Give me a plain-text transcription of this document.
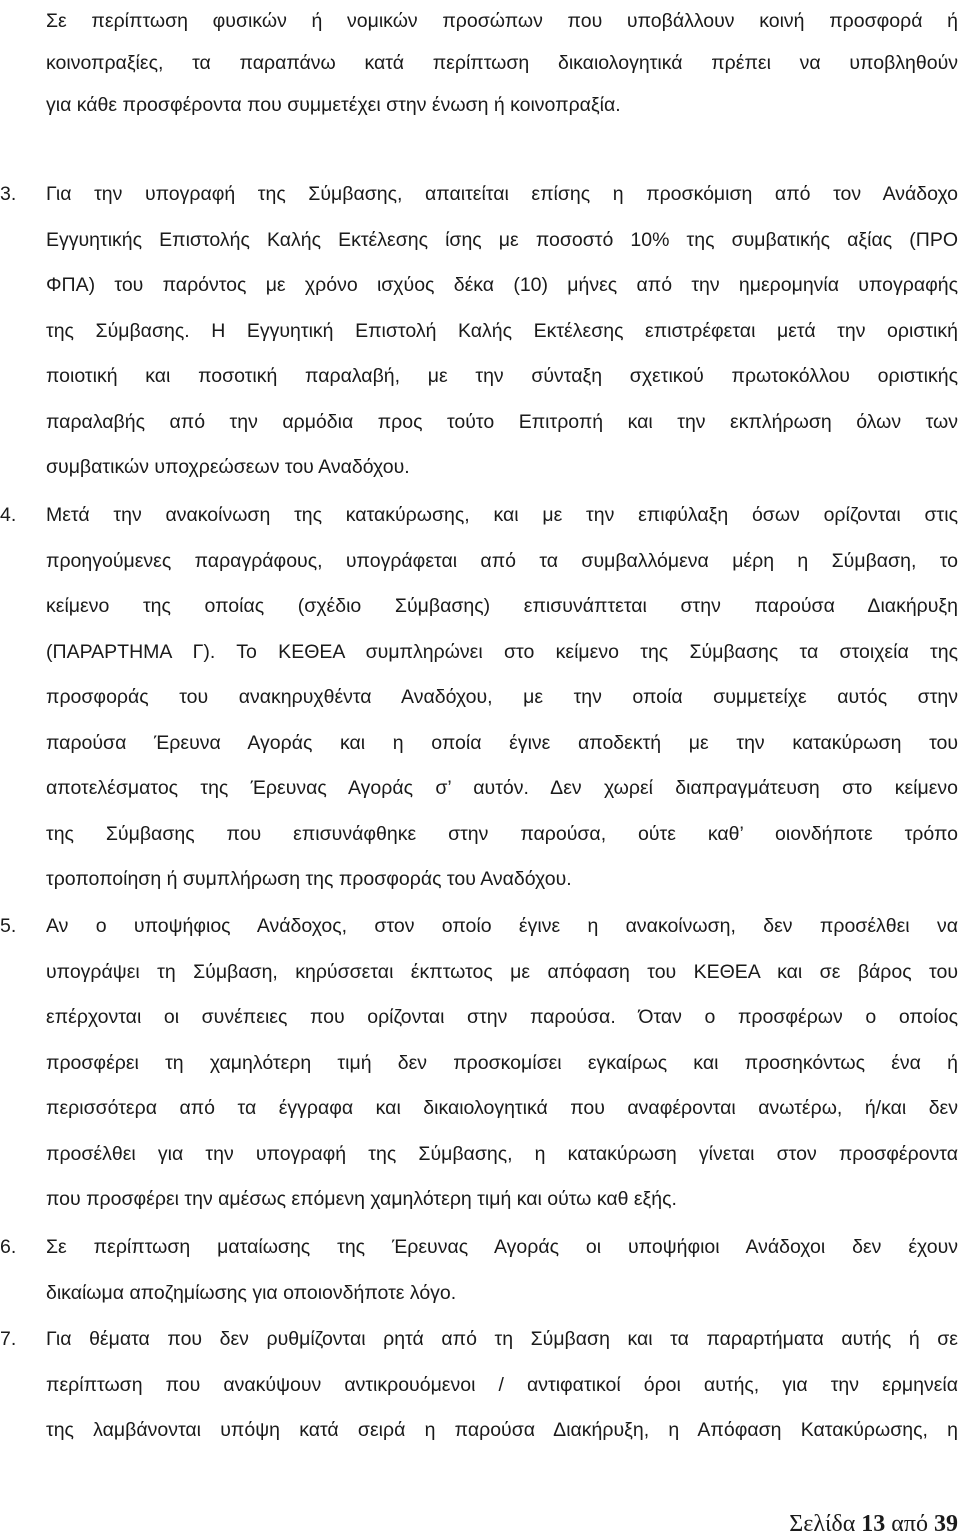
Σε περίπτωση φυσικών ή νομικών προσώπων που υποβάλλουν κοινή προσφορά ή
κοινοπραξίες, τα παραπάνω κατά περίπτωση δικαιολογητικά πρέπει να υποβληθούν
για κάθε προσφέροντα που συμμετέχει στην ένωση ή κοινοπραξία.
3. Για την υπογραφή της Σύμβασης, απαιτείται επίσης η προσκόμιση από τον Ανάδοχο
Εγγυητικής Επιστολής Καλής Εκτέλεσης ίσης με ποσοστό 10% της συμβατικής αξίας (ΠΡΟ
ΦΠΑ) του παρόντος με χρόνο ισχύος δέκα (10) μήνες από την ημερομηνία υπογραφής
της Σύμβασης. Η Εγγυητική Επιστολή Καλής Εκτέλεσης επιστρέφεται μετά την οριστική
ποιοτική και ποσοτική παραλαβή, με την σύνταξη σχετικού πρωτοκόλλου οριστικής
παραλαβής από την αρμόδια προς τούτο Επιτροπή και την εκπλήρωση όλων των
συμβατικών υποχρεώσεων του Αναδόχου.
4. Μετά την ανακοίνωση της κατακύρωσης, και με την επιφύλαξη όσων ορίζονται στις
προηγούμενες παραγράφους, υπογράφεται από τα συμβαλλόμενα μέρη η Σύμβαση, το
κείμενο της οποίας (σχέδιο Σύμβασης) επισυνάπτεται στην παρούσα Διακήρυξη
(ΠΑΡΑΡΤΗΜΑ Γ). Το ΚΕΘΕΑ συμπληρώνει στο κείμενο της Σύμβασης τα στοιχεία της
προσφοράς του ανακηρυχθέντα Αναδόχου, με την οποία συμμετείχε αυτός στην
παρούσα Έρευνα Αγοράς και η οποία έγινε αποδεκτή με την κατακύρωση του
αποτελέσματος της Έρευνας Αγοράς σ’ αυτόν. Δεν χωρεί διαπραγμάτευση στο κείμενο
της Σύμβασης που επισυνάφθηκε στην παρούσα, ούτε καθ’ οιονδήποτε τρόπο
τροποποίηση ή συμπλήρωση της προσφοράς του Αναδόχου.
5. Αν ο υποψήφιος Ανάδοχος, στον οποίο έγινε η ανακοίνωση, δεν προσέλθει να
υπογράψει τη Σύμβαση, κηρύσσεται έκπτωτος με απόφαση του ΚΕΘΕΑ και σε βάρος του
επέρχονται οι συνέπειες που ορίζονται στην παρούσα. Όταν ο προσφέρων ο οποίος
προσφέρει τη χαμηλότερη τιμή δεν προσκομίσει εγκαίρως και προσηκόντως ένα ή
περισσότερα από τα έγγραφα και δικαιολογητικά που αναφέρονται ανωτέρω, ή/και δεν
προσέλθει για την υπογραφή της Σύμβασης, η κατακύρωση γίνεται στον προσφέροντα
που προσφέρει την αμέσως επόμενη χαμηλότερη τιμή και ούτω καθ εξής.
6. Σε περίπτωση ματαίωσης της Έρευνας Αγοράς οι υποψήφιοι Ανάδοχοι δεν έχουν
δικαίωμα αποζημίωσης για οποιονδήποτε λόγο.
7. Για θέματα που δεν ρυθμίζονται ρητά από τη Σύμβαση και τα παραρτήματα αυτής ή σε
περίπτωση που ανακύψουν αντικρουόμενοι / αντιφατικοί όροι αυτής, για την ερμηνεία
της λαμβάνονται υπόψη κατά σειρά η παρούσα Διακήρυξη, η Απόφαση Κατακύρωσης, η
Σελίδα 13 από 39
